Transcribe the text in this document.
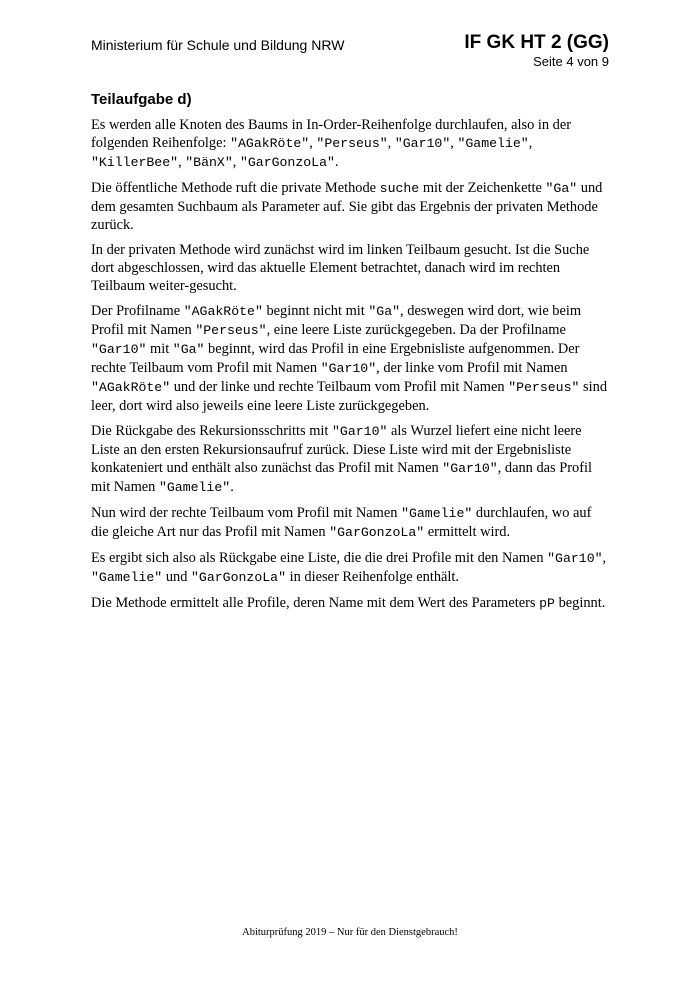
Ministerium für Schule und Bildung NRW	IF GK HT 2 (GG)
Seite 4 von 9
Teilaufgabe d)

Es werden alle Knoten des Baums in In-Order-Reihenfolge durchlaufen, also in der folgenden Reihenfolge: "AGakRöte", "Perseus", "Gar10", "Gamelie", "KillerBee", "BänX", "GarGonzoLa".

Die öffentliche Methode ruft die private Methode suche mit der Zeichenkette "Ga" und dem gesamten Suchbaum als Parameter auf. Sie gibt das Ergebnis der privaten Methode zurück.

In der privaten Methode wird zunächst wird im linken Teilbaum gesucht. Ist die Suche dort abgeschlossen, wird das aktuelle Element betrachtet, danach wird im rechten Teilbaum weiter-gesucht.

Der Profilname "AGakRöte" beginnt nicht mit "Ga", deswegen wird dort, wie beim Profil mit Namen "Perseus", eine leere Liste zurückgegeben. Da der Profilname "Gar10" mit "Ga" beginnt, wird das Profil in eine Ergebnisliste aufgenommen. Der rechte Teilbaum vom Profil mit Namen "Gar10", der linke vom Profil mit Namen "AGakRöte" und der linke und rechte Teilbaum vom Profil mit Namen "Perseus" sind leer, dort wird also jeweils eine leere Liste zurückgegeben.

Die Rückgabe des Rekursionsschritts mit "Gar10" als Wurzel liefert eine nicht leere Liste an den ersten Rekursionsaufruf zurück. Diese Liste wird mit der Ergebnisliste konkateniert und enthält also zunächst das Profil mit Namen "Gar10", dann das Profil mit Namen "Gamelie".

Nun wird der rechte Teilbaum vom Profil mit Namen "Gamelie" durchlaufen, wo auf die gleiche Art nur das Profil mit Namen "GarGonzoLa" ermittelt wird.

Es ergibt sich also als Rückgabe eine Liste, die die drei Profile mit den Namen "Gar10", "Gamelie" und "GarGonzoLa" in dieser Reihenfolge enthält.

Die Methode ermittelt alle Profile, deren Name mit dem Wert des Parameters pP beginnt.

Abiturprüfung 2019 – Nur für den Dienstgebrauch!
